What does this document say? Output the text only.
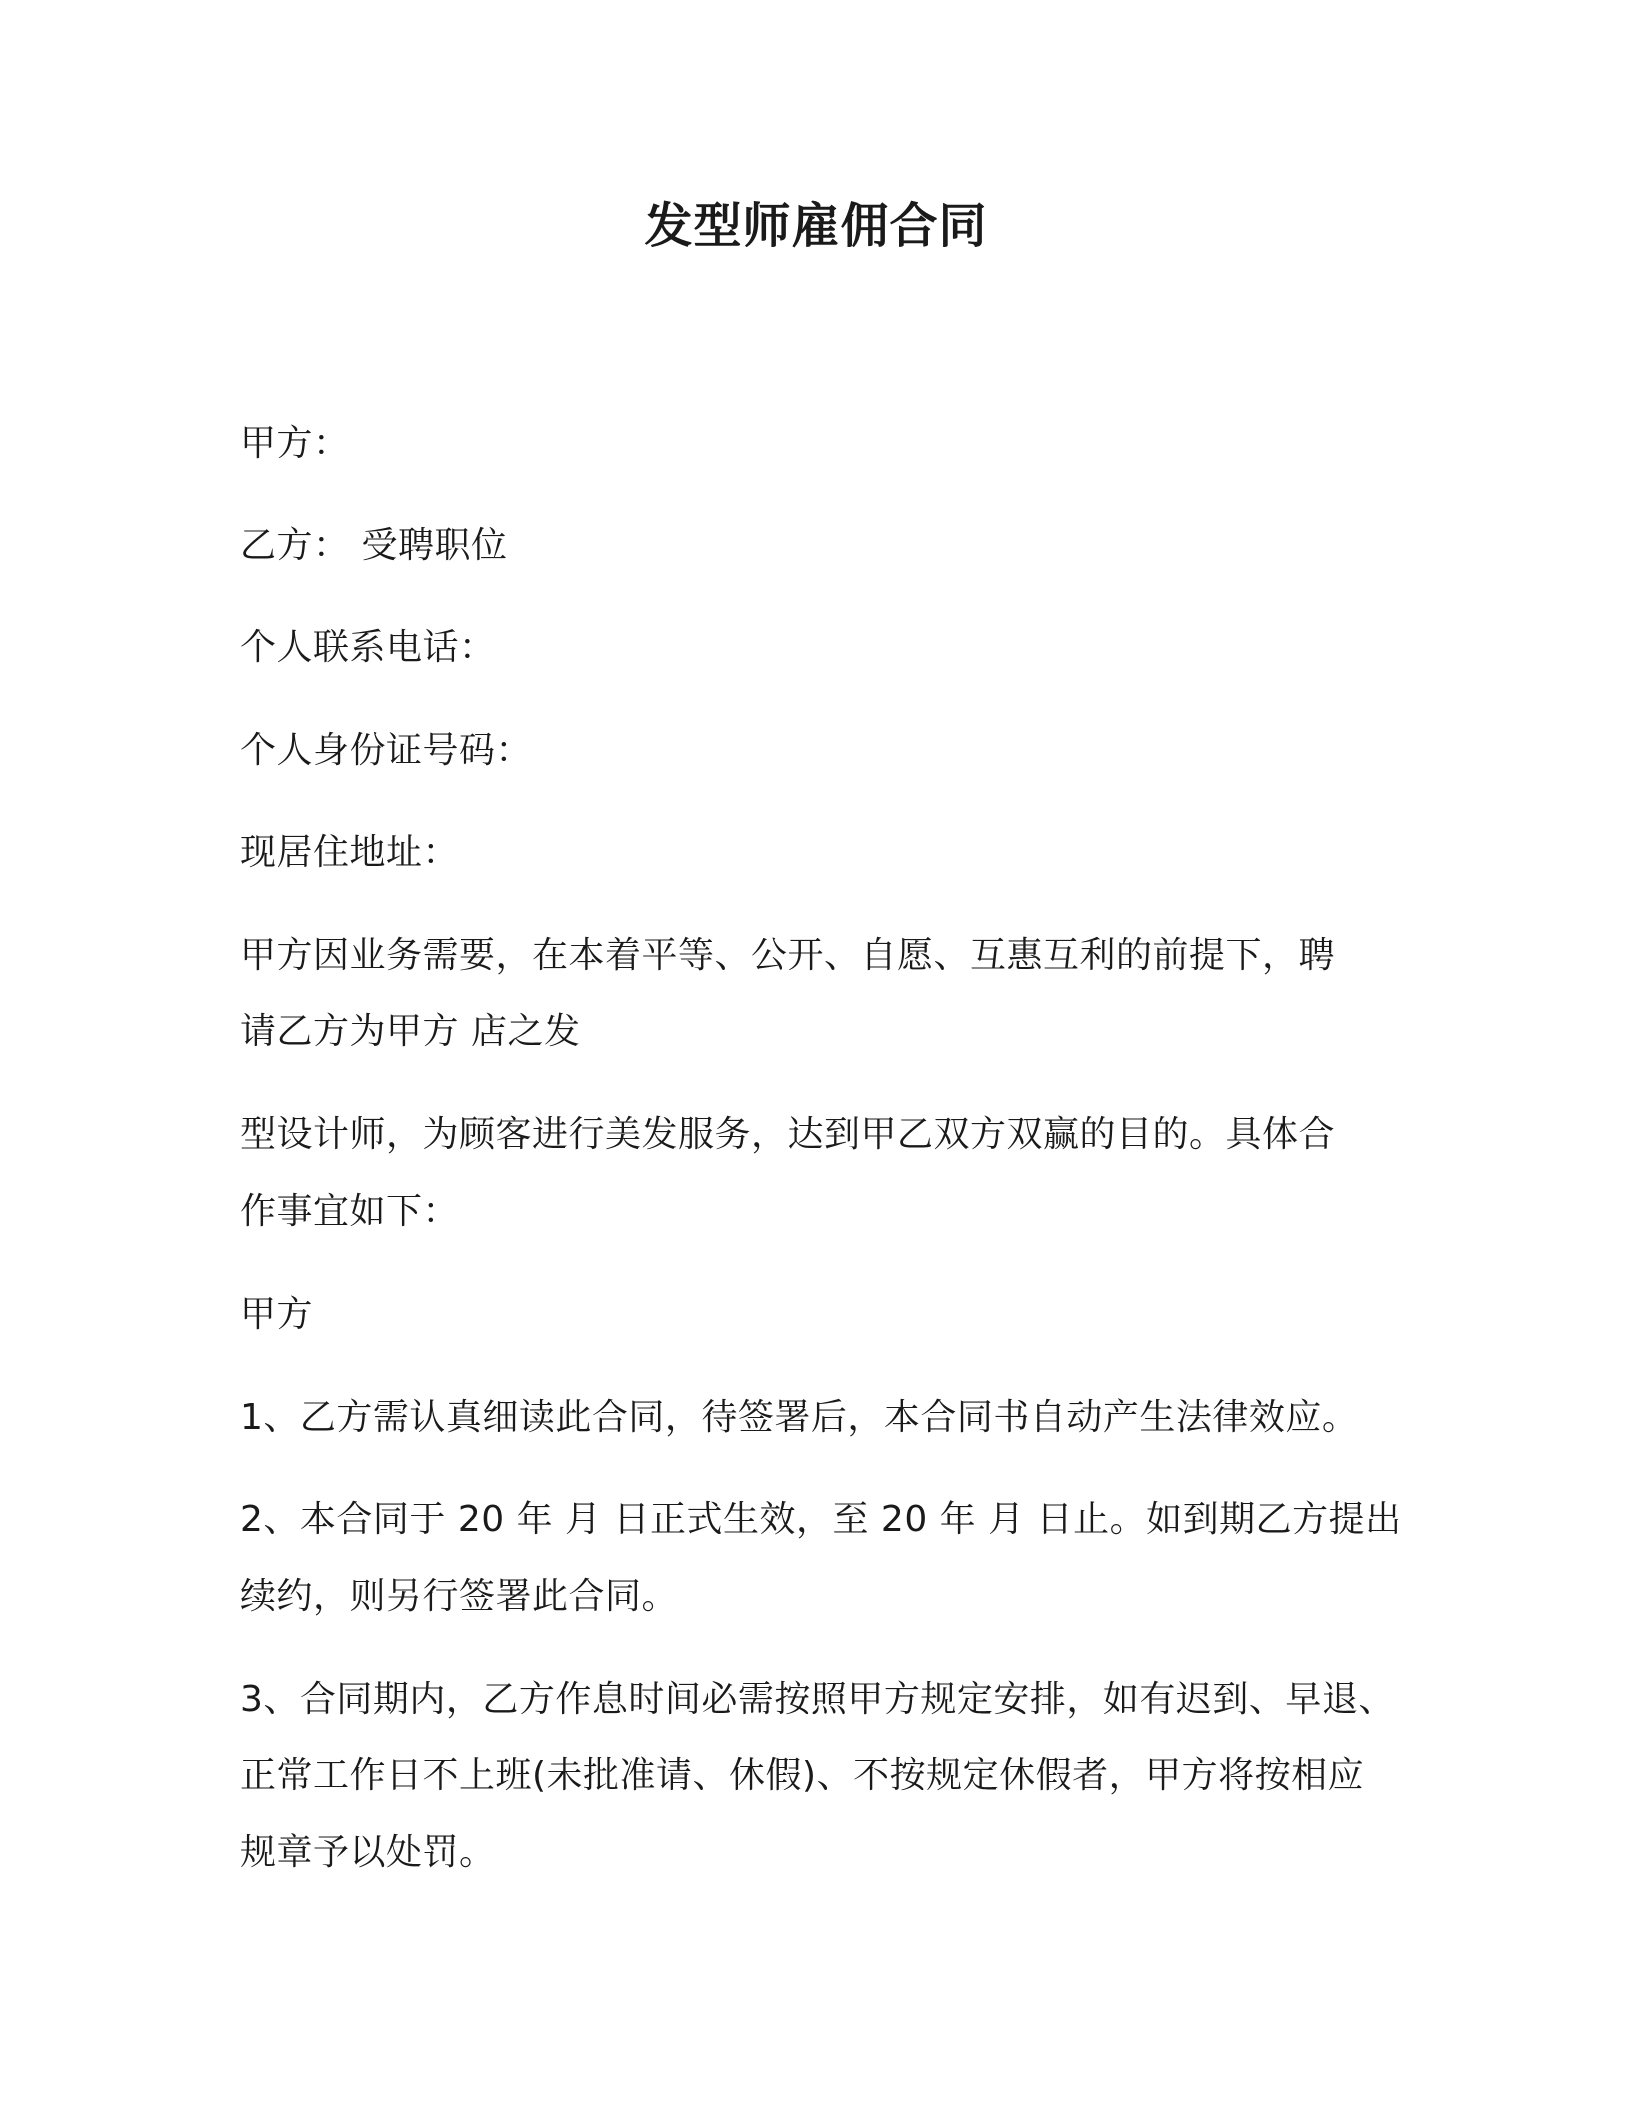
发型师雇佣合同
甲方：
乙方： 受聘职位
个人联系电话：
个人身份证号码：
现居住地址：
甲方因业务需要，在本着平等、公开、自愿、互惠互利的前提下，聘
请乙方为甲方 店之发
型设计师，为顾客进行美发服务，达到甲乙双方双赢的目的。具体合
作事宜如下：
甲方
1、乙方需认真细读此合同，待签署后，本合同书自动产生法律效应。
2、本合同于 20 年 月 日正式生效，至 20 年 月 日止。如到期乙方提出
续约，则另行签署此合同。
3、合同期内，乙方作息时间必需按照甲方规定安排，如有迟到、早退、
正常工作日不上班(未批准请、休假)、不按规定休假者，甲方将按相应
规章予以处罚。
